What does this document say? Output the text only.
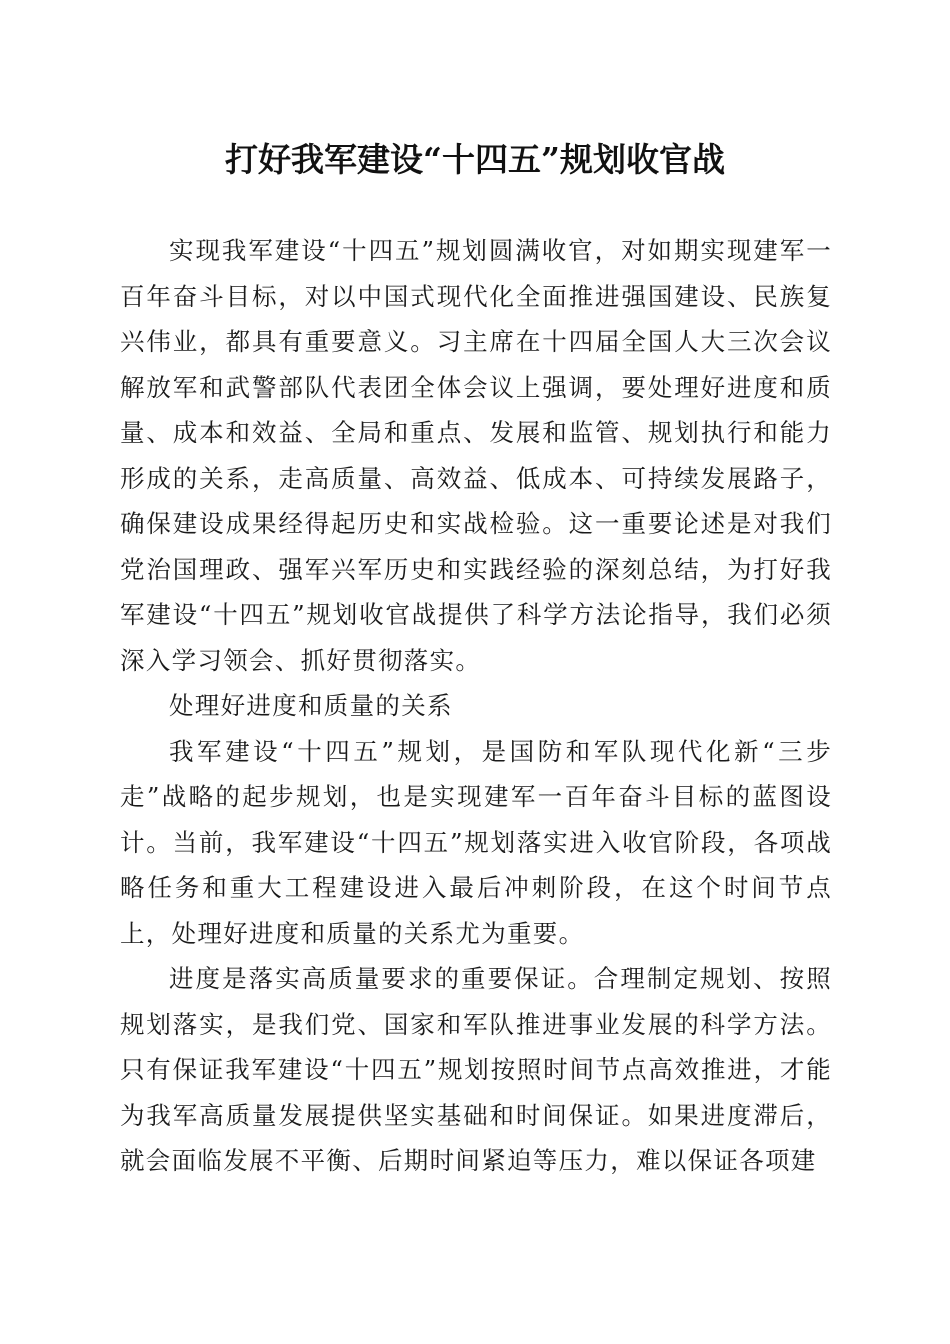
打好我军建设“十四五”规划收官战

实现我军建设“十四五”规划圆满收官，对如期实现建军一百年奋斗目标，对以中国式现代化全面推进强国建设、民族复兴伟业，都具有重要意义。习主席在十四届全国人大三次会议解放军和武警部队代表团全体会议上强调，要处理好进度和质量、成本和效益、全局和重点、发展和监管、规划执行和能力形成的关系，走高质量、高效益、低成本、可持续发展路子，确保建设成果经得起历史和实战检验。这一重要论述是对我们党治国理政、强军兴军历史和实践经验的深刻总结，为打好我军建设“十四五”规划收官战提供了科学方法论指导，我们必须深入学习领会、抓好贯彻落实。

处理好进度和质量的关系

我军建设“十四五”规划，是国防和军队现代化新“三步走”战略的起步规划，也是实现建军一百年奋斗目标的蓝图设计。当前，我军建设“十四五”规划落实进入收官阶段，各项战略任务和重大工程建设进入最后冲刺阶段，在这个时间节点上，处理好进度和质量的关系尤为重要。

进度是落实高质量要求的重要保证。合理制定规划、按照规划落实，是我们党、国家和军队推进事业发展的科学方法。只有保证我军建设“十四五”规划按照时间节点高效推进，才能为我军高质量发展提供坚实基础和时间保证。如果进度滞后，就会面临发展不平衡、后期时间紧迫等压力，难以保证各项建
